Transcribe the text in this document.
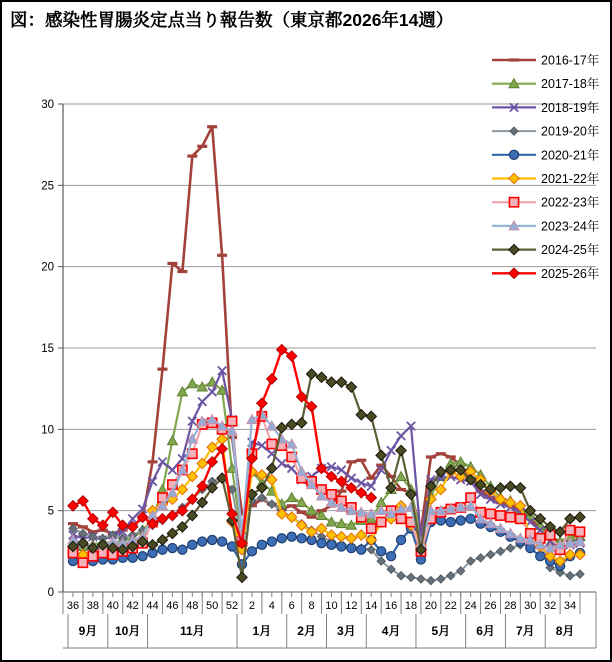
図：感染性胃腸炎定点当り報告数（東京都2026年14週）
0
5
10
15
20
25
30
36 38 40 42 44 46 48 50 52 2 4 6 8 10 12 14 16 18 20 22 24 26 28 30 32 34
9月 10月	11月	1月 2月 3月 4月	5月 6月 7月 8月
2016-17年
2017-18年
2018-19年
2019-20年
2020-21年
2021-22年
2022-23年
2023-24年
2024-25年
2025-26年
